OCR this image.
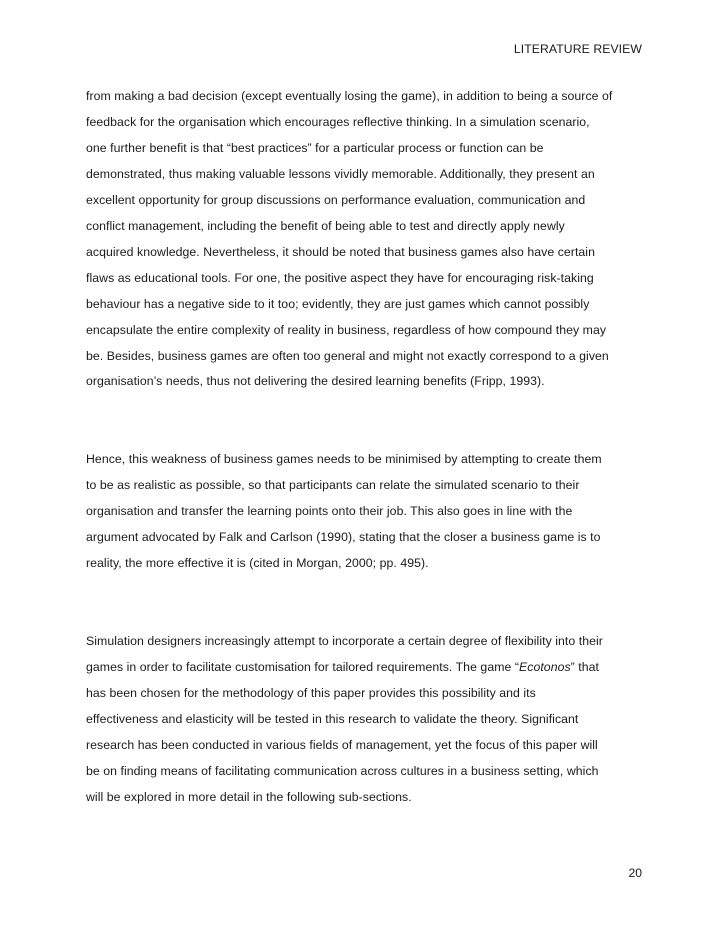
LITERATURE REVIEW

from making a bad decision (except eventually losing the game), in addition to being a source of
feedback for the organisation which encourages reflective thinking. In a simulation scenario,
one further benefit is that “best practices” for a particular process or function can be
demonstrated, thus making valuable lessons vividly memorable. Additionally, they present an
excellent opportunity for group discussions on performance evaluation, communication and
conflict management, including the benefit of being able to test and directly apply newly
acquired knowledge. Nevertheless, it should be noted that business games also have certain
flaws as educational tools. For one, the positive aspect they have for encouraging risk-taking
behaviour has a negative side to it too; evidently, they are just games which cannot possibly
encapsulate the entire complexity of reality in business, regardless of how compound they may
be. Besides, business games are often too general and might not exactly correspond to a given
organisation’s needs, thus not delivering the desired learning benefits (Fripp, 1993).

Hence, this weakness of business games needs to be minimised by attempting to create them
to be as realistic as possible, so that participants can relate the simulated scenario to their
organisation and transfer the learning points onto their job. This also goes in line with the
argument advocated by Falk and Carlson (1990), stating that the closer a business game is to
reality, the more effective it is (cited in Morgan, 2000; pp. 495).

Simulation designers increasingly attempt to incorporate a certain degree of flexibility into their
games in order to facilitate customisation for tailored requirements. The game “Ecotonos” that
has been chosen for the methodology of this paper provides this possibility and its
effectiveness and elasticity will be tested in this research to validate the theory. Significant
research has been conducted in various fields of management, yet the focus of this paper will
be on finding means of facilitating communication across cultures in a business setting, which
will be explored in more detail in the following sub-sections.

20
